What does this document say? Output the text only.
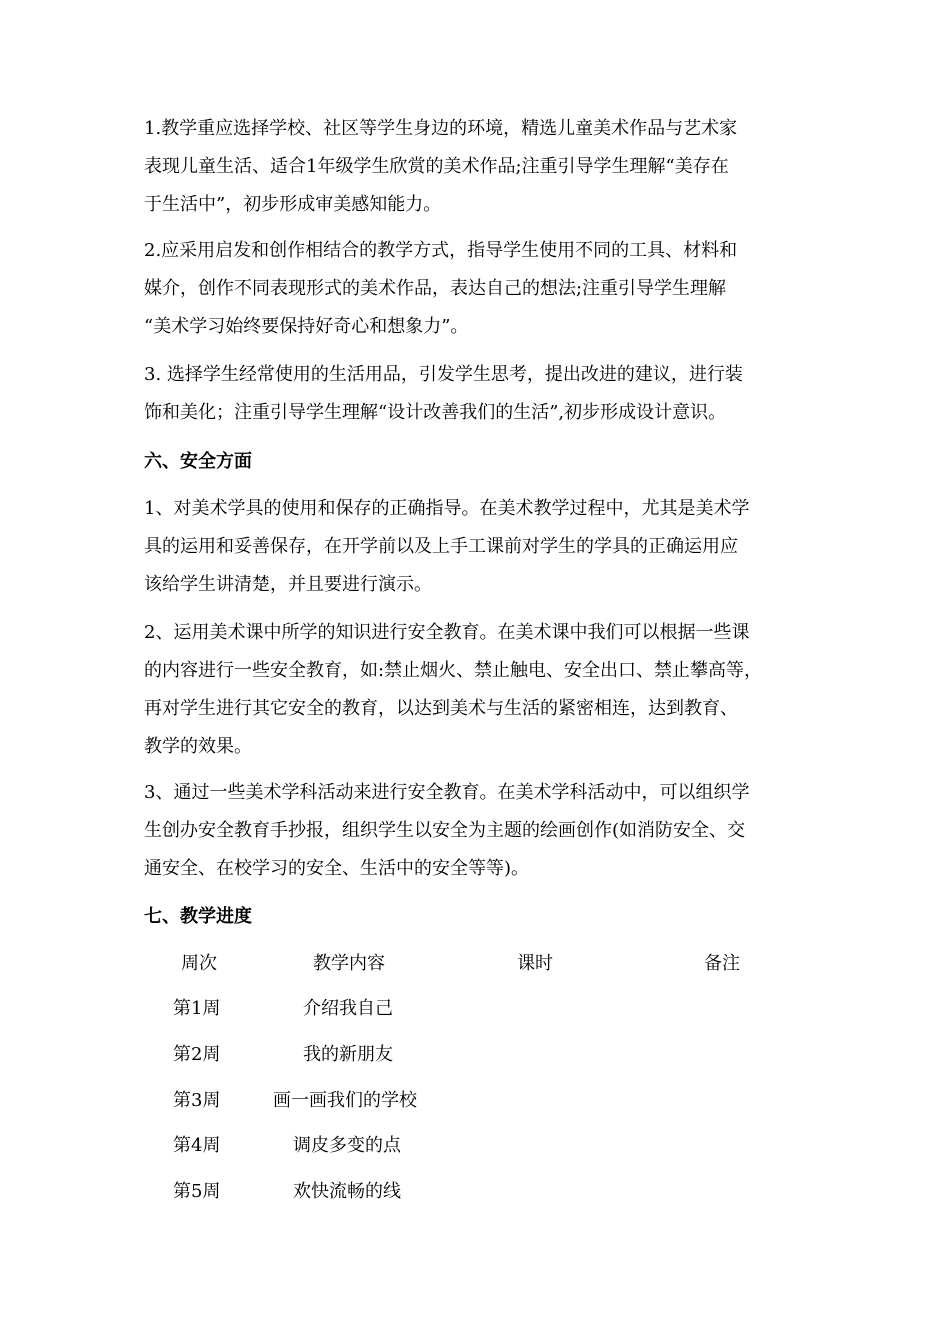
1.教学重应选择学校、社区等学生身边的环境，精选儿童美术作品与艺术家
表现儿童生活、适合1年级学生欣赏的美术作品;注重引导学生理解“美存在
于生活中”，初步形成审美感知能力。
2.应采用启发和创作相结合的教学方式，指导学生使用不同的工具、材料和
媒介，创作不同表现形式的美术作品，表达自己的想法;注重引导学生理解
“美术学习始终要保持好奇心和想象力”。
3. 选择学生经常使用的生活用品，引发学生思考，提出改进的建议，进行装
饰和美化；注重引导学生理解“设计改善我们的生活”,初步形成设计意识。
六、安全方面
1、对美术学具的使用和保存的正确指导。在美术教学过程中，尤其是美术学
具的运用和妥善保存，在开学前以及上手工课前对学生的学具的正确运用应
该给学生讲清楚，并且要进行演示。
2、运用美术课中所学的知识进行安全教育。在美术课中我们可以根据一些课
的内容进行一些安全教育，如:禁止烟火、禁止触电、安全出口、禁止攀高等，
再对学生进行其它安全的教育，以达到美术与生活的紧密相连，达到教育、
教学的效果。
3、通过一些美术学科活动来进行安全教育。在美术学科活动中，可以组织学
生创办安全教育手抄报，组织学生以安全为主题的绘画创作(如消防安全、交
通安全、在校学习的安全、生活中的安全等等)。
七、教学进度
周次	教学内容	课时	备注
第1周	介绍我自己
第2周	我的新朋友
第3周	画一画我们的学校
第4周	调皮多变的点
第5周	欢快流畅的线
